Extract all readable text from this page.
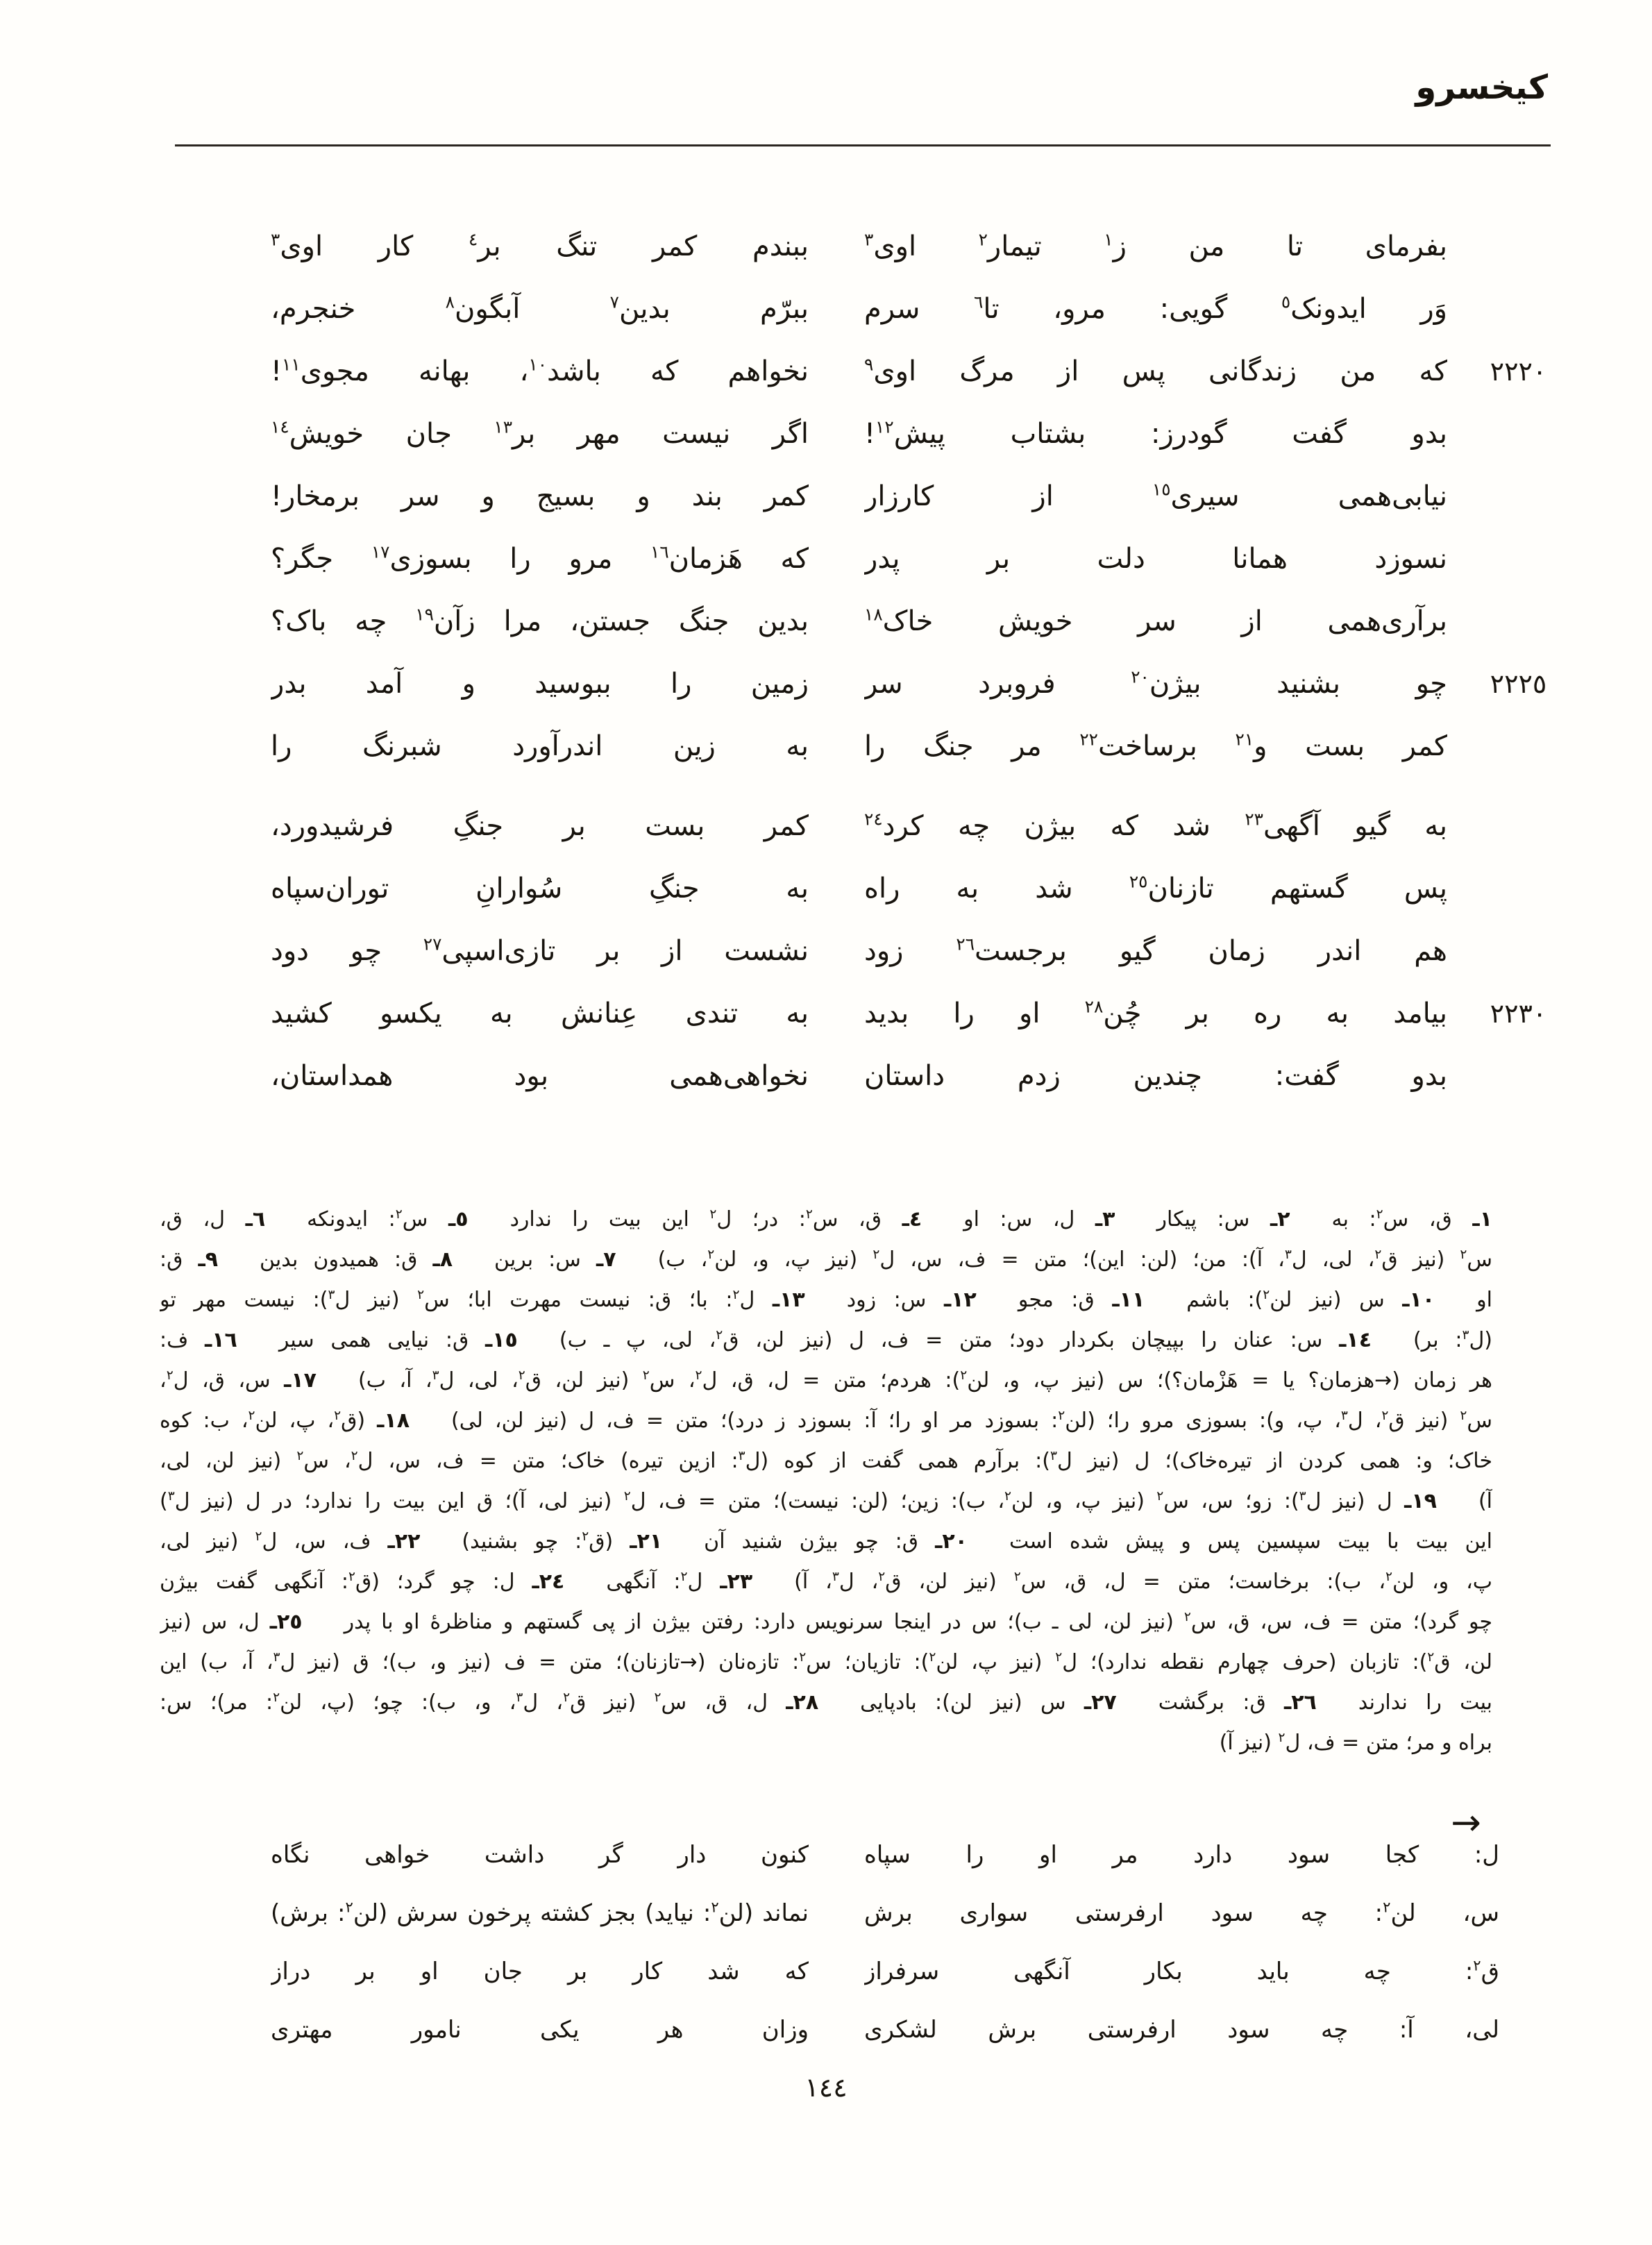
کیخسرو
بفرمای تا من ز$^١$ تیمار$^٢$ اوی$^٣$
وَر ایدونک$^٥$ گویی: مرو، تا$^٦$ سرم
که من زندگانی پس از مرگ اوی$^٩$
بدو گفت گودرز: بشتاب پیش$^{١٢}$!
نیابی‌همی سیری$^{١٥}$ از کارزار
نسوزد همانا دلت بر پدر
برآری‌همی از سر خویش خاک$^{١٨}$
چو بشنید بیژن$^{٢٠}$ فروبرد سر
کمر بست و$^{٢١}$ برساخت$^{٢٢}$ مر جنگ را
به گیو آگهی$^{٢٣}$ شد که بیژن چه کرد$^{٢٤}$
پس گستهم تازنان$^{٢٥}$ شد به راه
هم اندر زمان گیو برجست$^{٢٦}$ زود
بیامد به ره بر چُن$^{٢٨}$ او را بدید
بدو گفت: چندین زدم داستان
ببندم کمر تنگ بر$^٤$ کار اوی$^٣$
ببرّم بدین$^٧$ آبگون$^٨$ خنجرم،
نخواهم که باشد$^{١٠}$، بهانه مجوی$^{١١}$!
اگر نیست مهر بر$^{١٣}$ جان خویش$^{١٤}$
کمر بند و بسیج و سر برمخار!
که هَزمان$^{١٦}$ مرو را بسوزی$^{١٧}$ جگر؟
بدین جنگ جستن، مرا زآن$^{١٩}$ چه باک؟
زمین را ببوسید و آمد بدر
به زین اندرآورد شبرنگ را
کمر بست بر جنگِ فرشیدورد،
به جنگِ سُوارانِ توران‌سپاه
نشست از بر تازی‌اسپی$^{٢٧}$ چو دود
به تندی عِنانش به یکسو کشید
نخواهی‌همی بود همداستان،
٢٢٢٠
٢٢٢٥
٢٢٣٠
١ـ ق، س$^٢$: به  ٢ـ س: پیکار  ٣ـ ل، س: او  ٤ـ ق، س$^٢$: در؛ ل$^٢$ این بیت را ندارد  ٥ـ س$^٢$: ایدونکه  ٦ـ ل، ق،
س$^٢$ (نیز ق$^٢$، لی، ل$^٣$، آ): من؛ (لن: این)؛ متن = ف، س، ل$^٢$ (نیز پ، و، لن$^٢$، ب)  ٧ـ س: برین  ٨ـ ق: همیدون بدین  ٩ـ ق:
او  ١٠ـ س (نیز لن$^٢$): باشم  ١١ـ ق: مجو  ١٢ـ س: زود  ١٣ـ ل$^٢$: با؛ ق: نیست مهرت ابا؛ س$^٢$ (نیز ل$^٣$): نیست مهر تو
(ل$^٣$: بر)  ١٤ـ س: عنان را بپیچان بکردار دود؛ متن = ف، ل (نیز لن، ق$^٢$، لی، پ ـ ب)  ١٥ـ ق: نیایی همی سیر  ١٦ـ ف:
هر زمان (→هزمان؟ یا = هَزْمان؟)؛ س (نیز پ، و، لن$^٢$): هردم؛ متن = ل، ق، ل$^٢$، س$^٢$ (نیز لن، ق$^٢$، لی، ل$^٣$، آ، ب)  ١٧ـ س، ق، ل$^٢$،
س$^٢$ (نیز ق$^٢$، ل$^٣$، پ، و): بسوزی مرو را؛ (لن$^٢$: بسوزد مر او را؛ آ: بسوزد ز درد)؛ متن = ف، ل (نیز لن، لی)  ١٨ـ (ق$^٢$، پ، لن$^٢$، ب: کوه
خاک؛ و: همی کردن از تیره‌خاک)؛ ل (نیز ل$^٣$): برآرم همی گفت از کوه (ل$^٣$: ازین تیره) خاک؛ متن = ف، س، ل$^٢$، س$^٢$ (نیز لن، لی،
آ)  ١٩ـ ل (نیز ل$^٣$): زو؛ س، س$^٢$ (نیز پ، و، لن$^٢$، ب): زین؛ (لن: نیست)؛ متن = ف، ل$^٢$ (نیز لی، آ)؛ ق این بیت را ندارد؛ در ل (نیز ل$^٣$)
این بیت با بیت سپسین پس و پیش شده است  ٢٠ـ ق: چو بیژن شنید آن  ٢١ـ (ق$^٢$: چو بشنید)  ٢٢ـ ف، س، ل$^٢$ (نیز لی،
پ، و، لن$^٢$، ب): برخاست؛ متن = ل، ق، س$^٢$ (نیز لن، ق$^٢$، ل$^٣$، آ)  ٢٣ـ ل$^٢$: آنگهی  ٢٤ـ ل: چو گرد؛ (ق$^٢$: آنگهی گفت بیژن
چو گرد)؛ متن = ف، س، ق، س$^٢$ (نیز لن، لی ـ ب)؛ س در اینجا سرنویس دارد: رفتن بیژن از پی گستهم و مناظرهٔ او با پدر  ٢٥ـ ل، س (نیز
لن، ق$^٢$): تازبان (حرف چهارم نقطه ندارد)؛ ل$^٢$ (نیز پ، لن$^٢$): تازیان؛ س$^٢$: تازه‌نان (→تازنان)؛ متن = ف (نیز و، ب)؛ ق (نیز ل$^٣$، آ، ب) این
بیت را ندارند  ٢٦ـ ق: برگشت  ٢٧ـ س (نیز لن): بادپایی  ٢٨ـ ل، ق، س$^٢$ (نیز ق$^٢$، ل$^٣$، و، ب): چو؛ (پ، لن$^٢$: مر)؛ س:
براه و مر؛ متن = ف، ل$^٢$ (نیز آ)
→
ل: کجا سود دارد مر او را سپاه
س، لن$^٢$: چه سود ارفرستی سواری برش
ق$^٢$: چه باید بکار آنگهی سرفراز
لی، آ: چه سود ارفرستی برش لشکری
کنون دار گر داشت خواهی نگاه
نماند (لن$^٢$: نیاید) بجز کشته پرخون سرش (لن$^٢$: برش)
که شد کار بر جان او بر دراز
وزان هر یکی نامور مهتری
١٤٤
